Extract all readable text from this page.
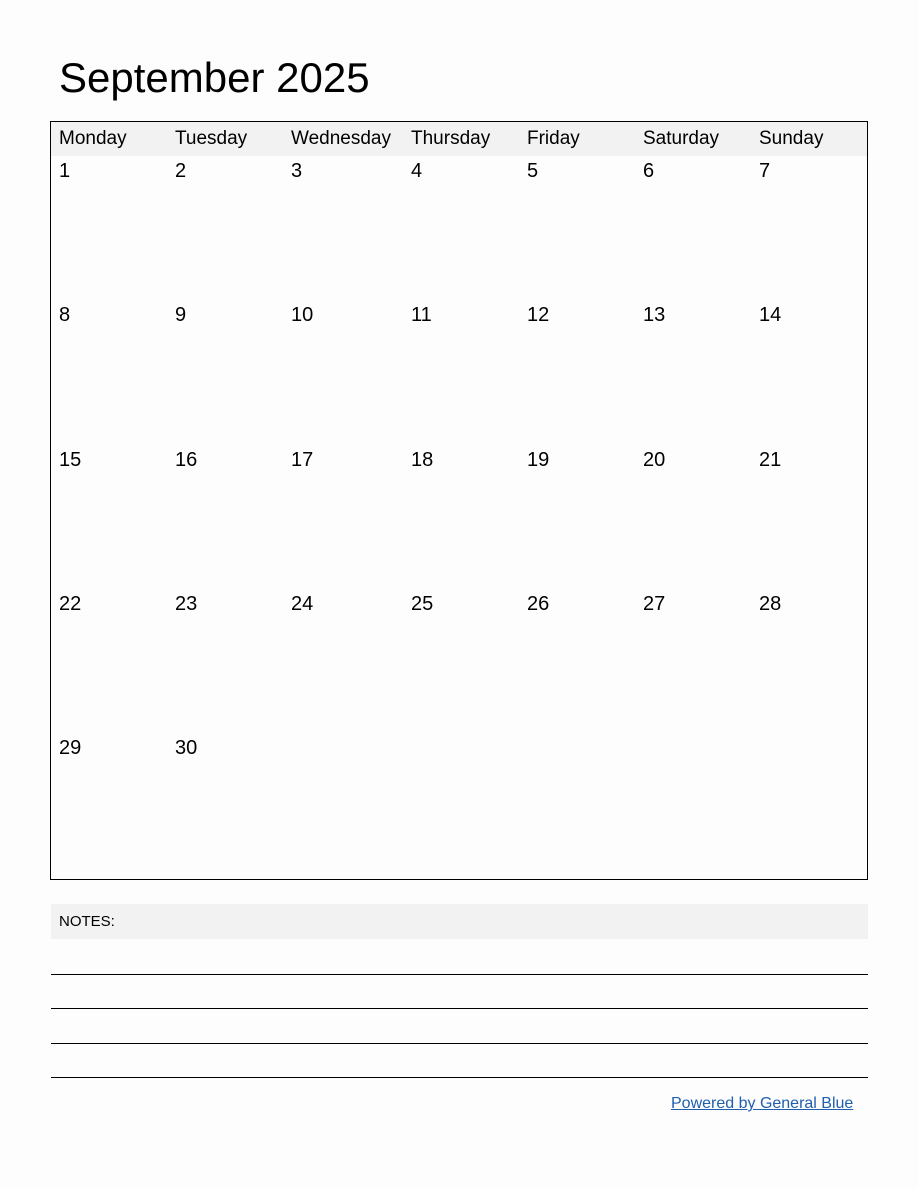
September 2025
Monday	Tuesday Wednesday Thursday Friday	Saturday Sunday
1	2	3	4	5	6	7
8	9	10	11	12	13	14
15	16	17	18	19	20	21
22	23	24	25	26	27	28
29	30
NOTES:
Powered by General Blue
